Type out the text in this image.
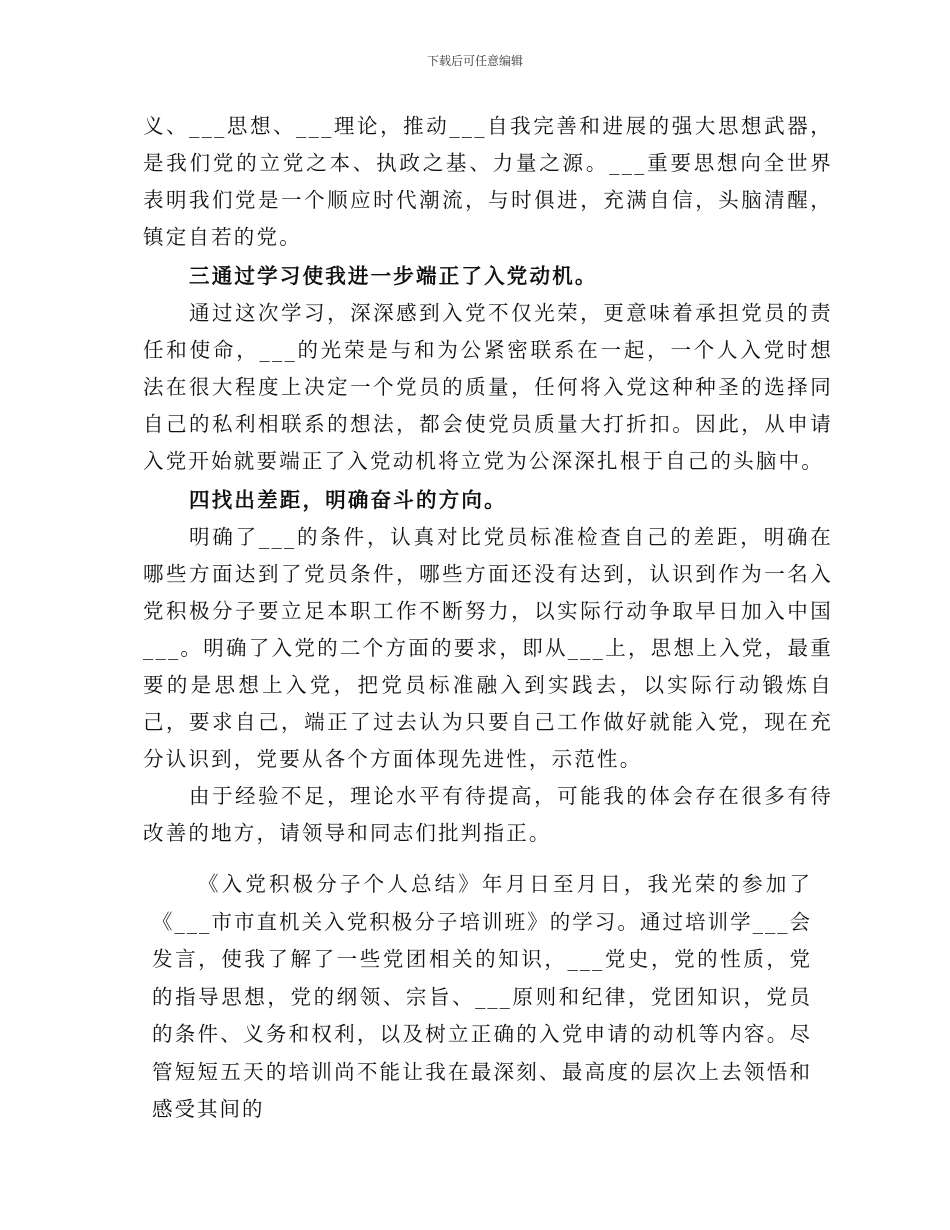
下载后可任意编辑

义、___思想、___理论，推动___自我完善和进展的强大思想武器，是我们党的立党之本、执政之基、力量之源。___重要思想向全世界表明我们党是一个顺应时代潮流，与时俱进，充满自信，头脑清醒，镇定自若的党。

三通过学习使我进一步端正了入党动机。

通过这次学习，深深感到入党不仅光荣，更意味着承担党员的责任和使命，___的光荣是与和为公紧密联系在一起，一个人入党时想法在很大程度上决定一个党员的质量，任何将入党这种种圣的选择同自己的私利相联系的想法，都会使党员质量大打折扣。因此，从申请入党开始就要端正了入党动机将立党为公深深扎根于自己的头脑中。

四找出差距，明确奋斗的方向。

明确了___的条件，认真对比党员标准检查自己的差距，明确在哪些方面达到了党员条件，哪些方面还没有达到，认识到作为一名入党积极分子要立足本职工作不断努力，以实际行动争取早日加入中国___。明确了入党的二个方面的要求，即从___上，思想上入党，最重要的是思想上入党，把党员标准融入到实践去，以实际行动锻炼自己，要求自己，端正了过去认为只要自己工作做好就能入党，现在充分认识到，党要从各个方面体现先进性，示范性。

由于经验不足，理论水平有待提高，可能我的体会存在很多有待改善的地方，请领导和同志们批判指正。

《入党积极分子个人总结》年月日至月日，我光荣的参加了《___市市直机关入党积极分子培训班》的学习。通过培训学___会发言，使我了解了一些党团相关的知识，___党史，党的性质，党的指导思想，党的纲领、宗旨、___原则和纪律，党团知识，党员的条件、义务和权利，以及树立正确的入党申请的动机等内容。尽管短短五天的培训尚不能让我在最深刻、最高度的层次上去领悟和感受其间的
